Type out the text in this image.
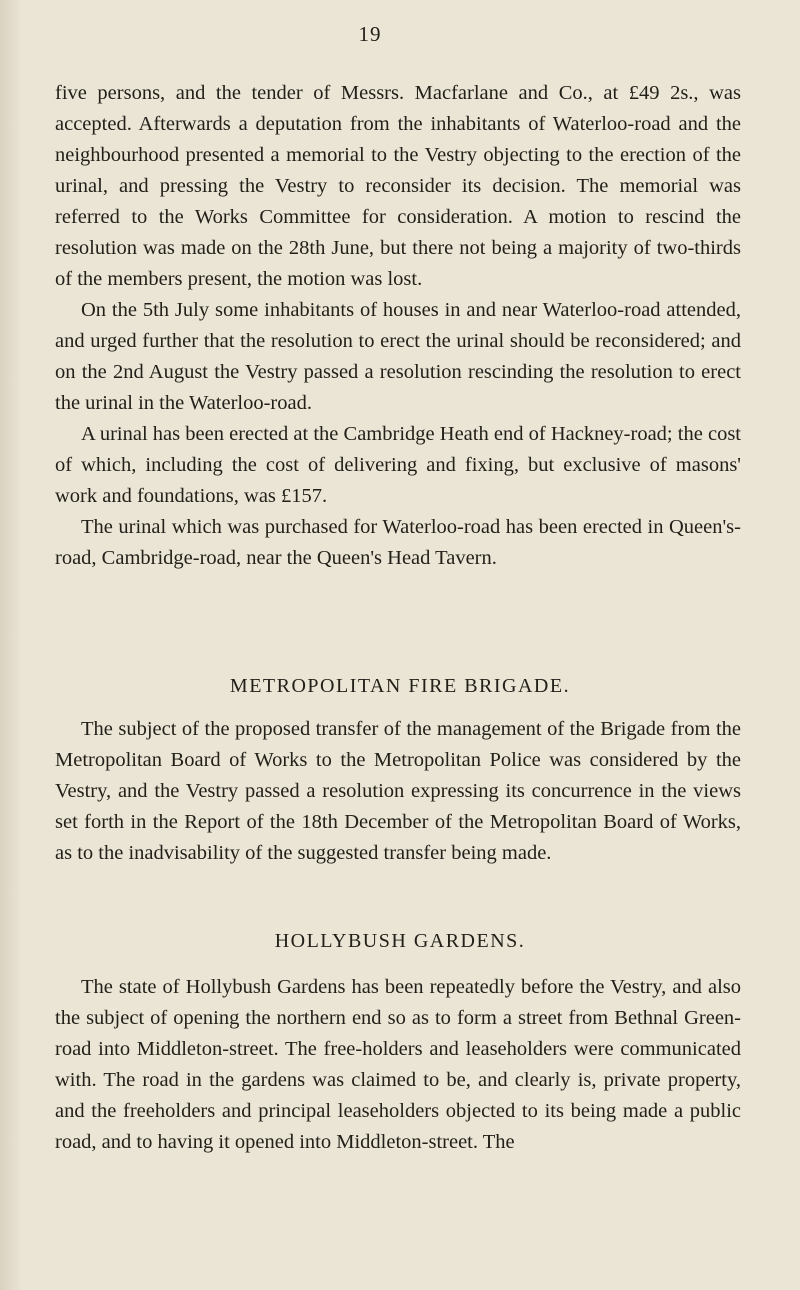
19

five persons, and the tender of Messrs. Macfarlane and Co., at £49 2s., was accepted. Afterwards a deputation from the inhabitants of Waterloo-road and the neighbourhood presented a memorial to the Vestry objecting to the erection of the urinal, and pressing the Vestry to reconsider its decision. The memorial was referred to the Works Committee for consideration. A motion to rescind the resolution was made on the 28th June, but there not being a majority of two-thirds of the members present, the motion was lost.

On the 5th July some inhabitants of houses in and near Waterloo-road attended, and urged further that the resolution to erect the urinal should be reconsidered; and on the 2nd August the Vestry passed a resolution rescinding the resolution to erect the urinal in the Waterloo-road.

A urinal has been erected at the Cambridge Heath end of Hackney-road; the cost of which, including the cost of delivering and fixing, but exclusive of masons' work and foundations, was £157.

The urinal which was purchased for Waterloo-road has been erected in Queen's-road, Cambridge-road, near the Queen's Head Tavern.

METROPOLITAN FIRE BRIGADE.

The subject of the proposed transfer of the management of the Brigade from the Metropolitan Board of Works to the Metropolitan Police was considered by the Vestry, and the Vestry passed a resolution expressing its concurrence in the views set forth in the Report of the 18th December of the Metropolitan Board of Works, as to the inadvisability of the suggested transfer being made.

HOLLYBUSH GARDENS.

The state of Hollybush Gardens has been repeatedly before the Vestry, and also the subject of opening the northern end so as to form a street from Bethnal Green-road into Middleton-street. The free-holders and leaseholders were communicated with. The road in the gardens was claimed to be, and clearly is, private property, and the freeholders and principal leaseholders objected to its being made a public road, and to having it opened into Middleton-street. The
